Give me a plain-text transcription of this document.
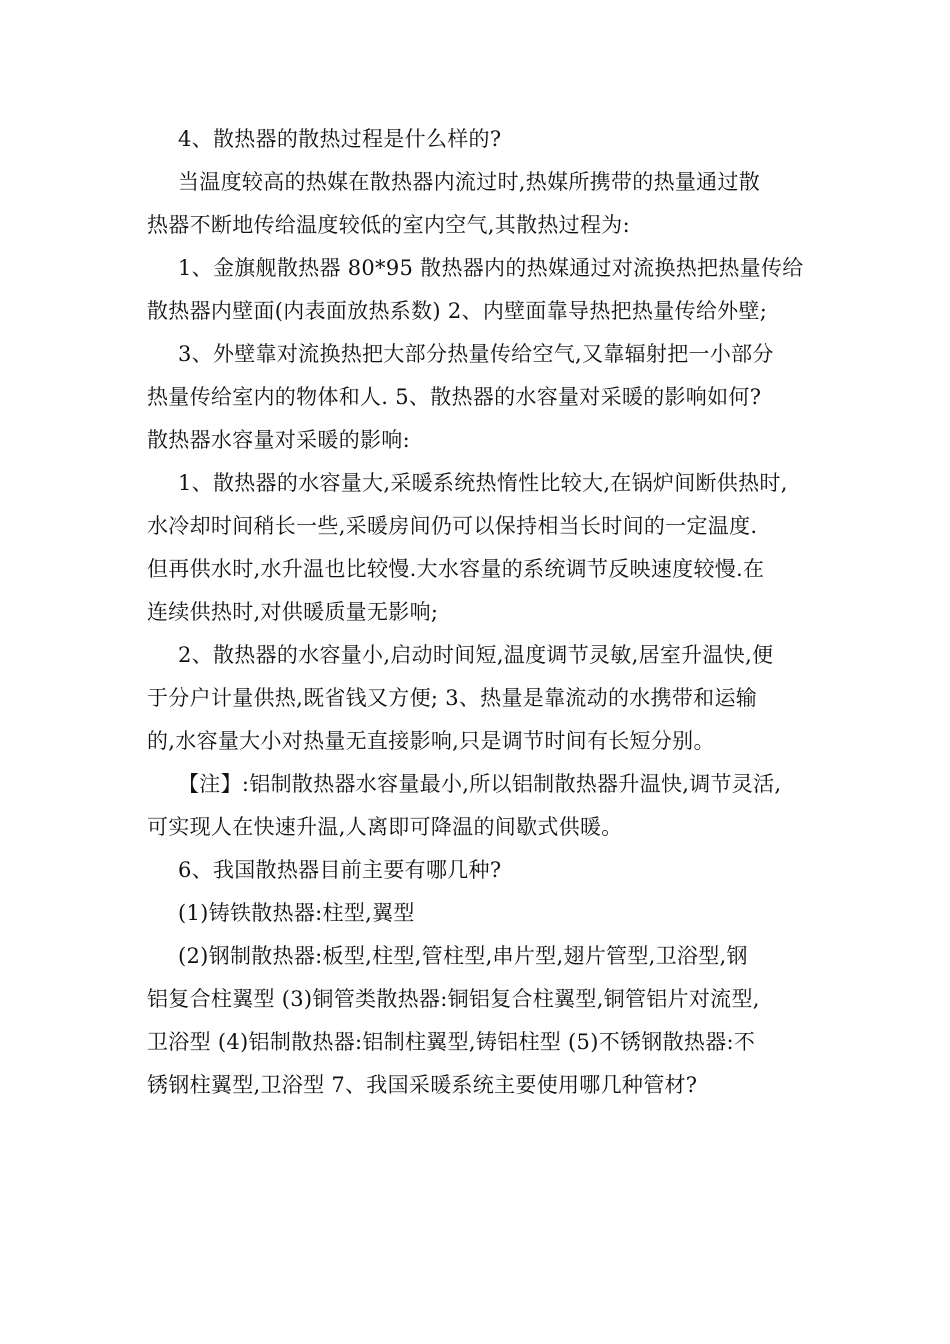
4、散热器的散热过程是什么样的?

当温度较高的热媒在散热器内流过时,热媒所携带的热量通过散

热器不断地传给温度较低的室内空气,其散热过程为:

1、金旗舰散热器 80*95 散热器内的热媒通过对流换热把热量传给

散热器内壁面(内表面放热系数) 2、内壁面靠导热把热量传给外壁;

3、外壁靠对流换热把大部分热量传给空气,又靠辐射把一小部分

热量传给室内的物体和人. 5、散热器的水容量对采暖的影响如何?

散热器水容量对采暖的影响:

1、散热器的水容量大,采暖系统热惰性比较大,在锅炉间断供热时,

水冷却时间稍长一些,采暖房间仍可以保持相当长时间的一定温度.

但再供水时,水升温也比较慢.大水容量的系统调节反映速度较慢.在

连续供热时,对供暖质量无影响;

2、散热器的水容量小,启动时间短,温度调节灵敏,居室升温快,便

于分户计量供热,既省钱又方便; 3、热量是靠流动的水携带和运输

的,水容量大小对热量无直接影响,只是调节时间有长短分别。

【注】:铝制散热器水容量最小,所以铝制散热器升温快,调节灵活,

可实现人在快速升温,人离即可降温的间歇式供暖。

6、我国散热器目前主要有哪几种?

(1)铸铁散热器:柱型,翼型

(2)钢制散热器:板型,柱型,管柱型,串片型,翅片管型,卫浴型,钢

铝复合柱翼型 (3)铜管类散热器:铜铝复合柱翼型,铜管铝片对流型,

卫浴型 (4)铝制散热器:铝制柱翼型,铸铝柱型 (5)不锈钢散热器:不

锈钢柱翼型,卫浴型 7、我国采暖系统主要使用哪几种管材?
